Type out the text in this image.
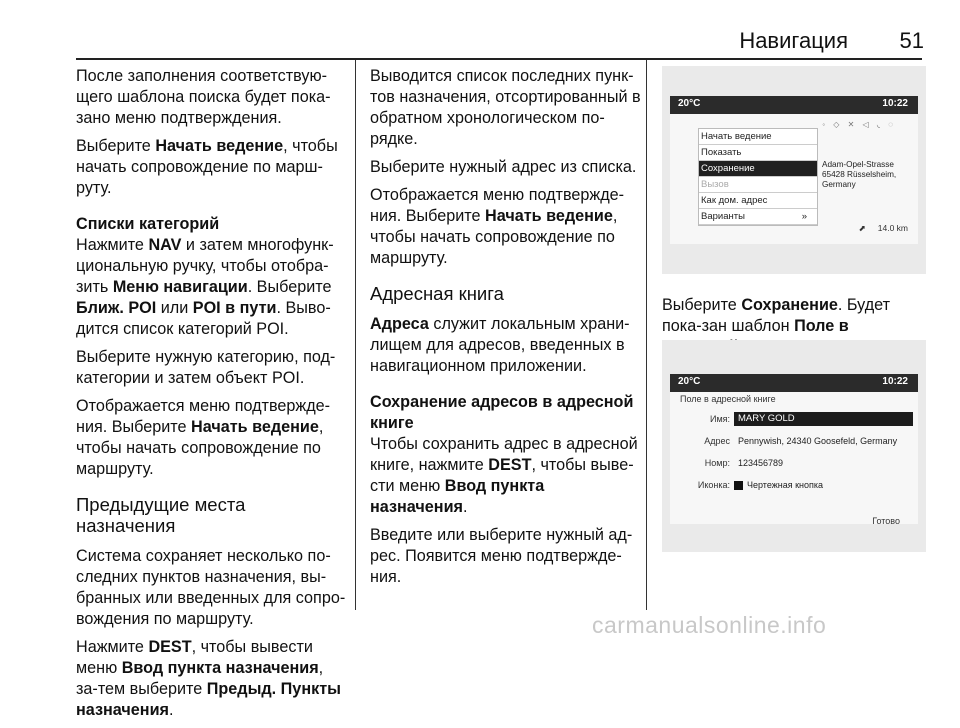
Навигация 51

После заполнения соответствую-щего шаблона поиска будет пока-зано меню подтверждения.

Выберите Начать ведение, чтобы начать сопровождение по марш-руту.

Списки категорий

Нажмите NAV и затем многофунк-циональную ручку, чтобы отобра-зить Меню навигации. Выберите Ближ. POI или POI в пути. Выво-дится список категорий POI.

Выберите нужную категорию, под-категории и затем объект POI.

Отображается меню подтвержде-ния. Выберите Начать ведение, чтобы начать сопровождение по маршруту.

Предыдущие места назначения

Система сохраняет несколько по-следних пунктов назначения, вы-бранных или введенных для сопро-вождения по маршруту.

Нажмите DEST, чтобы вывести меню Ввод пункта назначения, за-тем выберите Предыд. Пункты назначения.

Выводится список последних пунк-тов назначения, отсортированный в обратном хронологическом по-рядке.

Выберите нужный адрес из списка.

Отображается меню подтвержде-ния. Выберите Начать ведение, чтобы начать сопровождение по маршруту.

Адресная книга

Адреса служит локальным храни-лищем для адресов, введенных в навигационном приложении.

Сохранение адресов в адресной книге

Чтобы сохранить адрес в адресной книге, нажмите DEST, чтобы выве-сти меню Ввод пункта назначения.

Введите или выберите нужный ад-рес. Появится меню подтвержде-ния.

20°C	10:22
◦ ◇ ✕ ◁ ◟ ◌
Начать ведение
Показать
Сохранение
Вызов
Как дом. адрес
Варианты	»
Adam-Opel-Strasse
65428 Rüsselsheim, Germany
⬈ 14.0 km

Выберите Сохранение. Будет пока-зан шаблон Поле в

20°C	10:22
Поле в адресной книге
Имя: MARY GOLD
Адрес Pennywish, 24340 Goosefeld, Germany
Номр: 123456789
Иконка:	Чертежная кнопка
Готово
carmanualsonline.info
